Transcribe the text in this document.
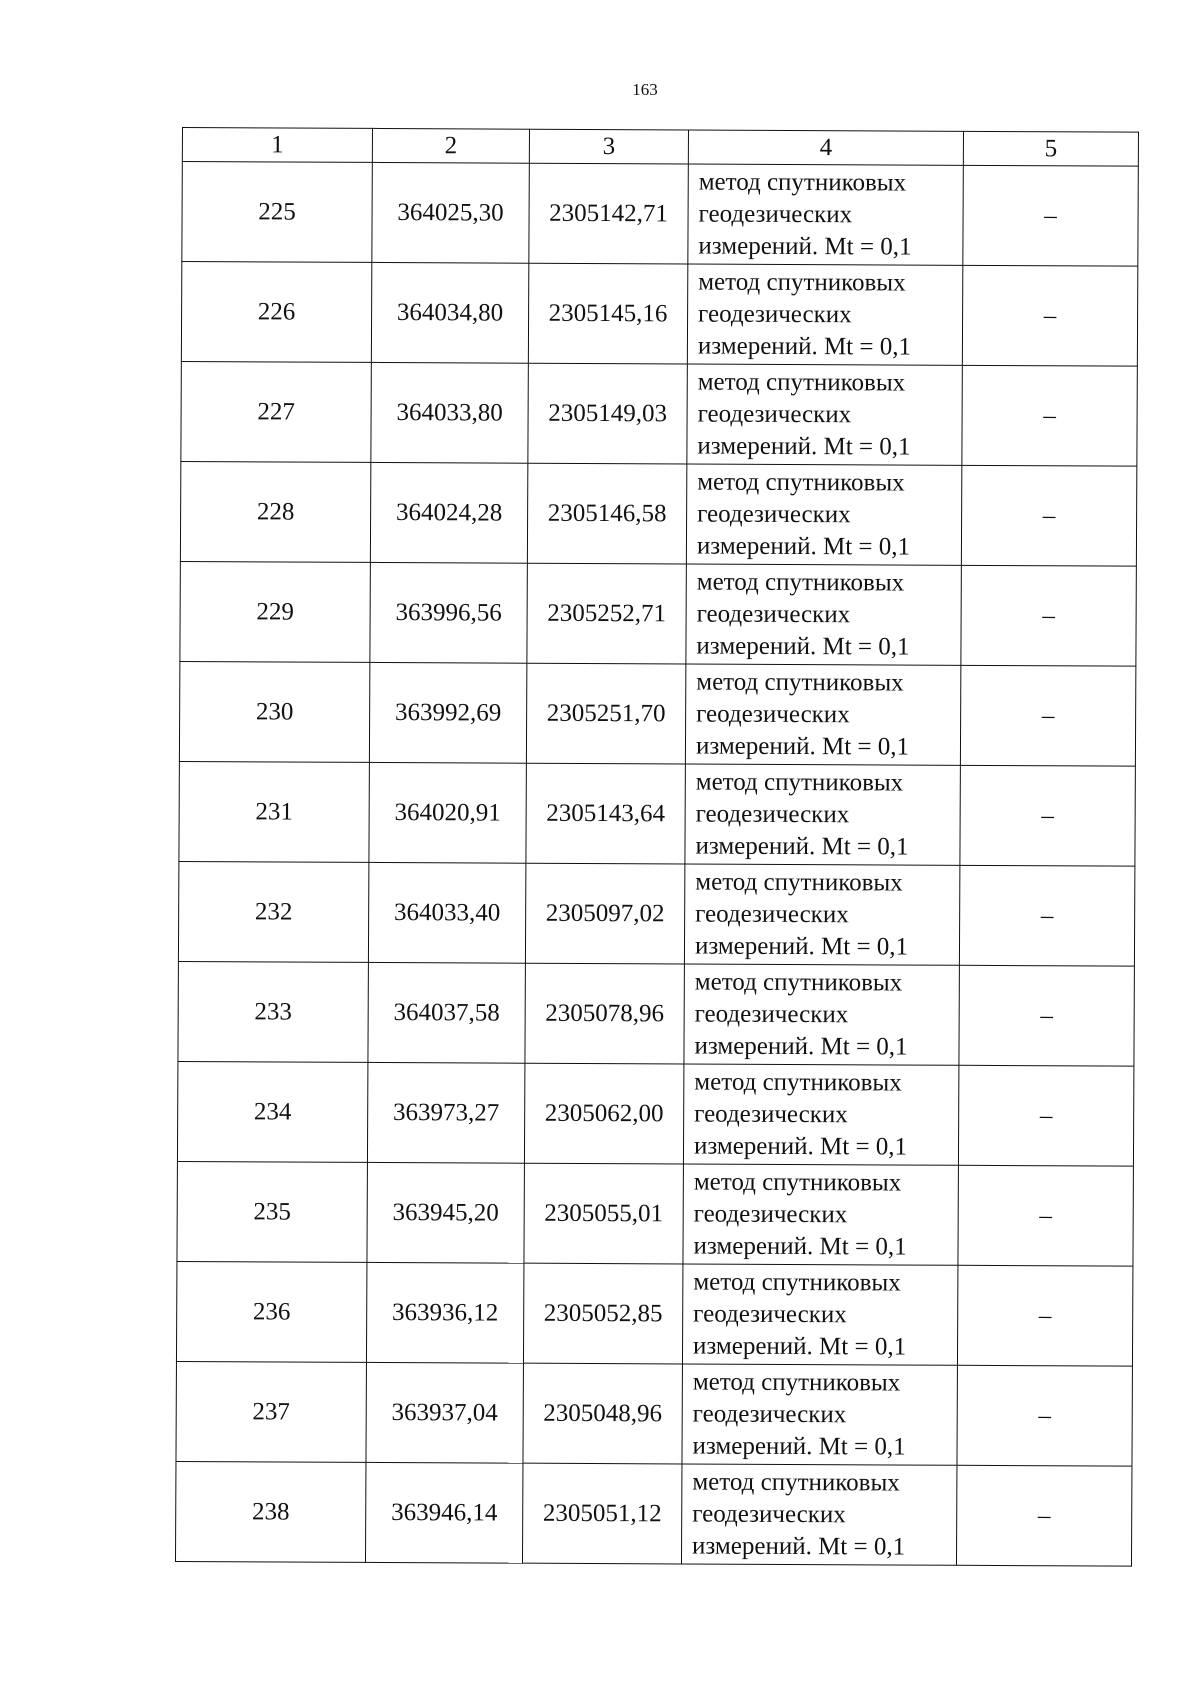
163
1	2	3	4	5
225	364025,30	2305142,71	метод спутниковых
геодезических
измерений. Mt = 0,1	–
226	364034,80	2305145,16	метод спутниковых
геодезических
измерений. Mt = 0,1	–
227	364033,80	2305149,03	метод спутниковых
геодезических
измерений. Mt = 0,1	–
228	364024,28	2305146,58	метод спутниковых
геодезических
измерений. Mt = 0,1	–
229	363996,56	2305252,71	метод спутниковых
геодезических
измерений. Mt = 0,1	–
230	363992,69	2305251,70	метод спутниковых
геодезических
измерений. Mt = 0,1	–
231	364020,91	2305143,64	метод спутниковых
геодезических
измерений. Mt = 0,1	–
232	364033,40	2305097,02	метод спутниковых
геодезических
измерений. Mt = 0,1	–
233	364037,58	2305078,96	метод спутниковых
геодезических
измерений. Mt = 0,1	–
234	363973,27	2305062,00	метод спутниковых
геодезических
измерений. Mt = 0,1	–
235	363945,20	2305055,01	метод спутниковых
геодезических
измерений. Mt = 0,1	–
236	363936,12	2305052,85	метод спутниковых
геодезических
измерений. Mt = 0,1	–
237	363937,04	2305048,96	метод спутниковых
геодезических
измерений. Mt = 0,1	–
238	363946,14	2305051,12	метод спутниковых
геодезических
измерений. Mt = 0,1	–
